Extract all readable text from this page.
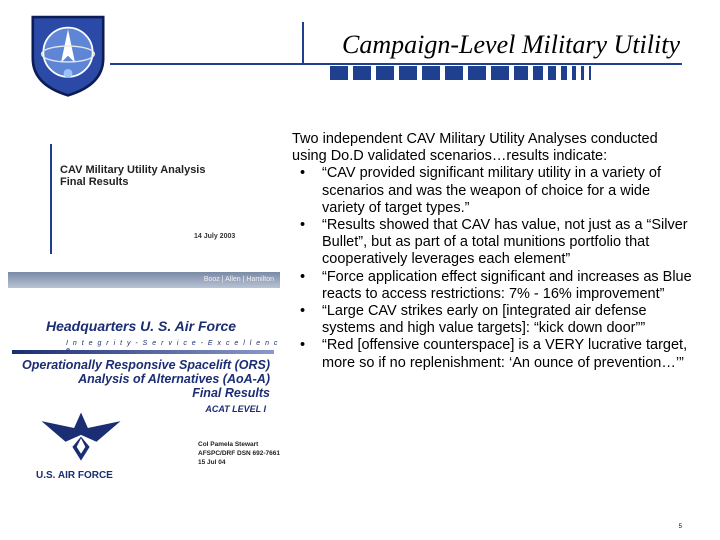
Campaign-Level Military Utility
CAV Military Utility Analysis
Final Results
14 July 2003
Booz | Allen | Hamilton
Headquarters U. S. Air Force
I n t e g r i t y - S e r v i c e - E x c e l l e n c
Operationally Responsive Spacelift (ORS)
Analysis of Alternatives (AoA-A)
Final Results
ACAT LEVEL I
U.S. AIR FORCE
Col Pamela Stewart
AFSPC/DRF DSN 692-7661
15 Jul 04

Two independent CAV Military Utility Analyses conducted using Do.D validated scenarios…results indicate:

• “CAV provided significant military utility in a variety of scenarios and was the weapon of choice for a wide variety of target types.”
• “Results showed that CAV has value, not just as a “Silver Bullet”, but as part of a total munitions portfolio that cooperatively leverages each element”
• “Force application effect significant and increases as Blue reacts to access restrictions: 7% - 16% improvement”
• “Large CAV strikes early on [integrated air defense systems and high value targets]: “kick down door””
• “Red [offensive counterspace] is a VERY lucrative target, more so if no replenishment: ‘An ounce of prevention…’”
5
